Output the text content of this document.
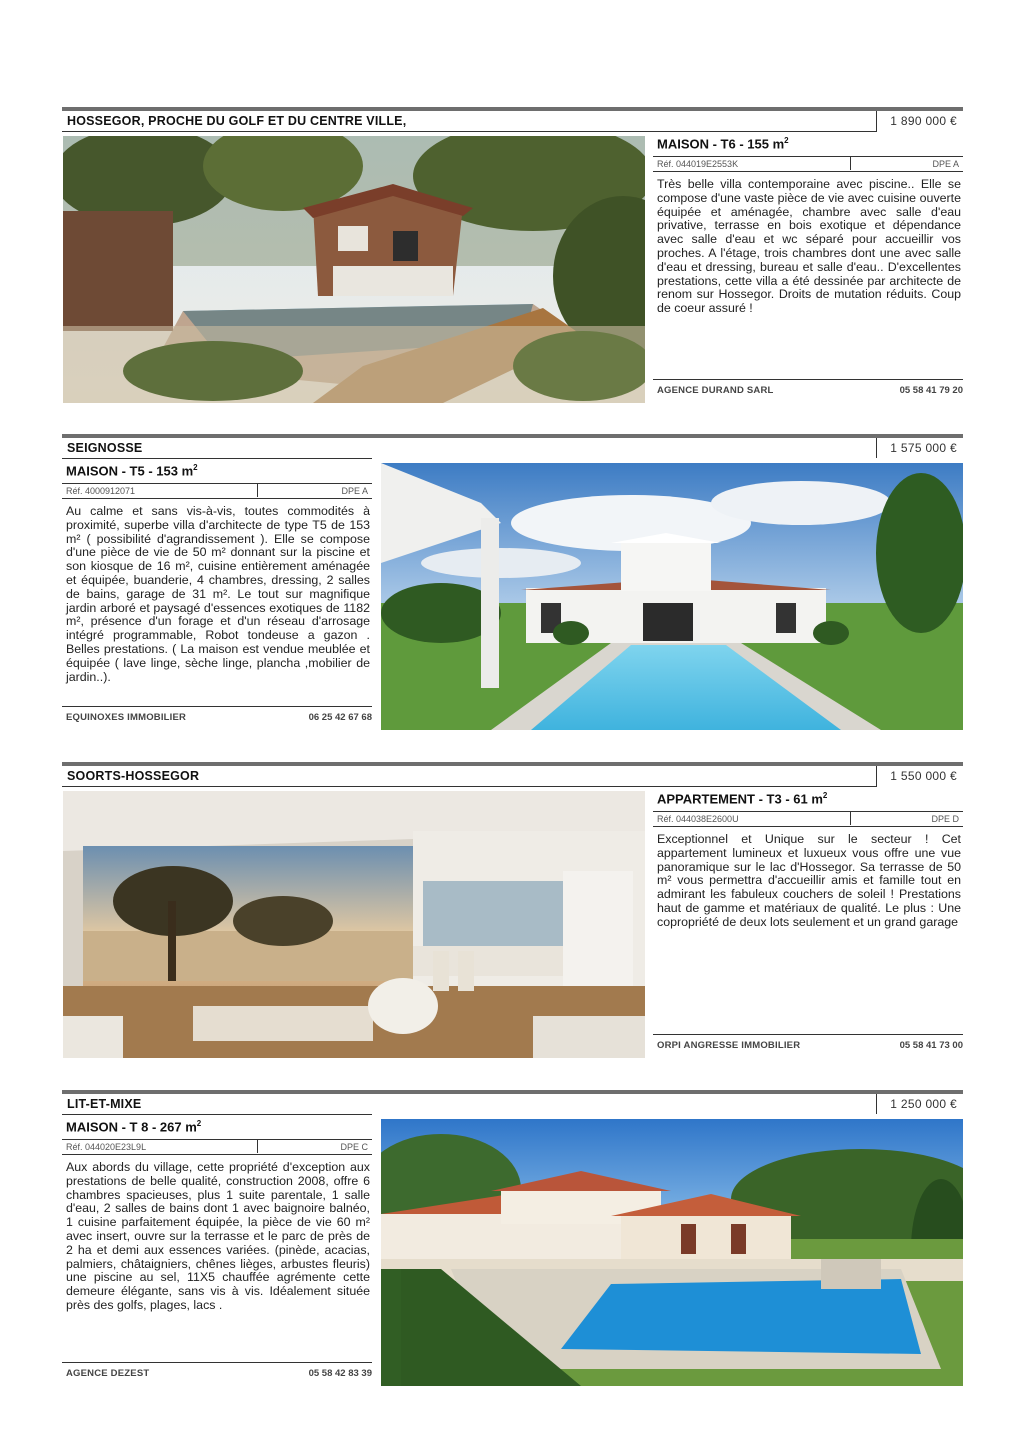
HOSSEGOR, PROCHE DU GOLF ET DU CENTRE VILLE,	1 890 000 €
MAISON - T6 - 155 $m^2$
Réf. 044019E2553K	DPE A
Très belle villa contemporaine avec piscine.. Elle se compose d'une vaste pièce de vie avec cuisine ouverte équipée et aménagée, chambre avec salle d'eau privative, terrasse en bois exotique et dépendance avec salle d'eau et wc séparé pour accueillir vos proches. A l'étage, trois chambres dont une avec salle d'eau et dressing, bureau et salle d'eau.. D'excellentes prestations, cette villa a été dessinée par architecte de renom sur Hossegor. Droits de mutation réduits. Coup de coeur assuré !
AGENCE DURAND SARL	05 58 41 79 20
SEIGNOSSE	1 575 000 €
MAISON - T5 - 153 $m^2$
Réf. 4000912071	DPE A
Au calme et sans vis-à-vis, toutes commodités à proximité, superbe villa d'architecte de type T5 de 153 m² ( possibilité d'agrandissement ). Elle se compose d'une pièce de vie de 50 m² donnant sur la piscine et son kiosque de 16 m², cuisine entièrement aménagée et équipée, buanderie, 4 chambres, dressing, 2 salles de bains, garage de 31 m². Le tout sur magnifique jardin arboré et paysagé d'essences exotiques de 1182 m², présence d'un forage et d'un réseau d'arrosage intégré programmable, Robot tondeuse a gazon . Belles prestations. ( La maison est vendue meublée et équipée ( lave linge, sèche linge, plancha ,mobilier de jardin..).
EQUINOXES IMMOBILIER	06 25 42 67 68
SOORTS-HOSSEGOR	1 550 000 €
APPARTEMENT - T3 - 61 $m^2$
Réf. 044038E2600U	DPE D
Exceptionnel et Unique sur le secteur ! Cet appartement lumineux et luxueux vous offre une vue panoramique sur le lac d'Hossegor. Sa terrasse de 50 m² vous permettra d'accueillir amis et famille tout en admirant les fabuleux couchers de soleil ! Prestations haut de gamme et matériaux de qualité. Le plus : Une copropriété de deux lots seulement et un grand garage
ORPI ANGRESSE IMMOBILIER	05 58 41 73 00
LIT-ET-MIXE	1 250 000 €
MAISON - T 8 - 267 $m^2$
Réf. 044020E23L9L	DPE C
Aux abords du village, cette propriété d'exception aux prestations de belle qualité, construction 2008, offre 6 chambres spacieuses, plus 1 suite parentale, 1 salle d'eau, 2 salles de bains dont 1 avec baignoire balnéo, 1 cuisine parfaitement équipée, la pièce de vie 60 m² avec insert, ouvre sur la terrasse et le parc de près de 2 ha et demi aux essences variées. (pinède, acacias, palmiers, châtaigniers, chênes lièges, arbustes fleuris) une piscine au sel, 11X5 chauffée agrémente cette demeure élégante, sans vis à vis. Idéalement située près des golfs, plages, lacs .
AGENCE DEZEST	05 58 42 83 39
